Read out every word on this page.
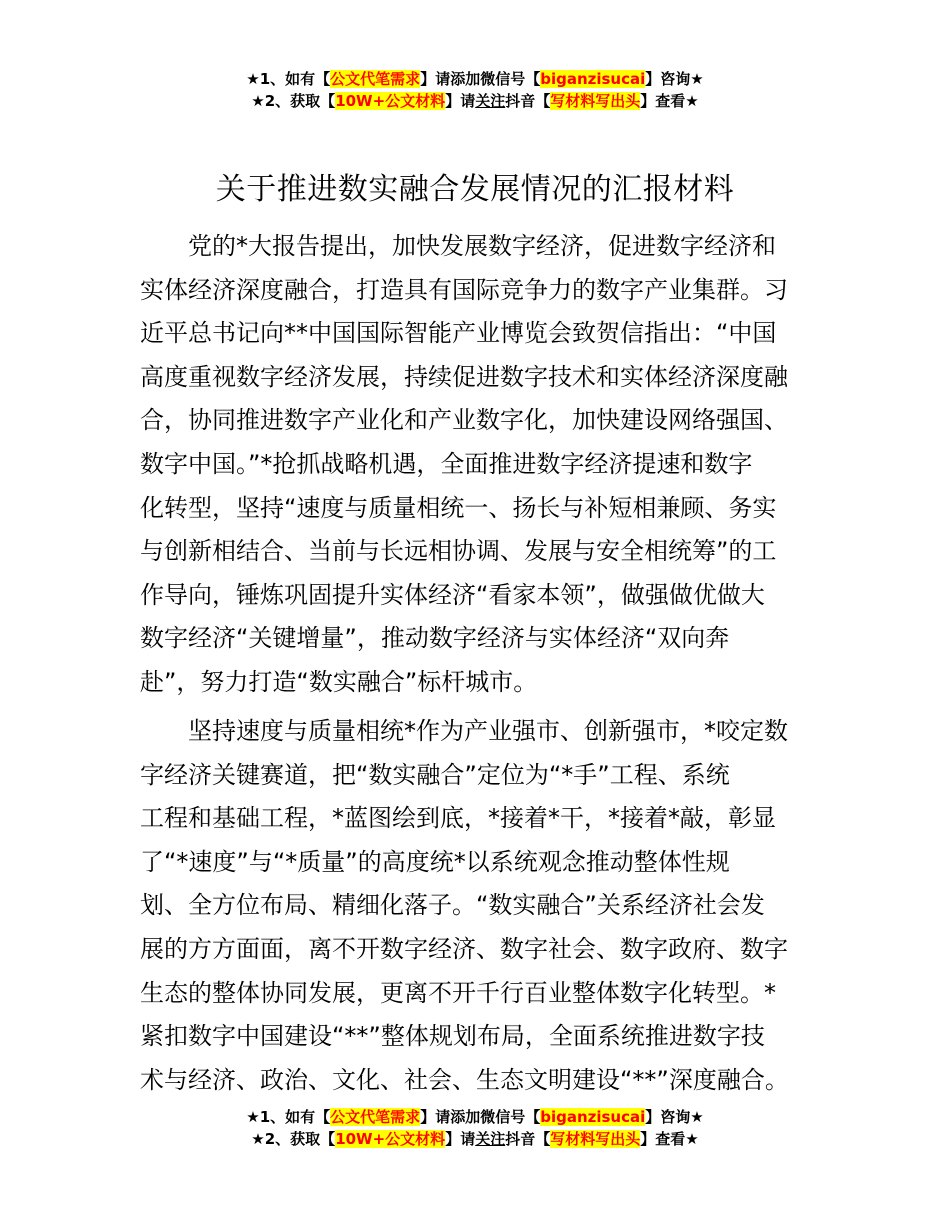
★1、如有【公文代笔需求】请添加微信号【biganzisucai】咨询★
★2、获取【10W+公文材料】请关注抖音【写材料写出头】查看★
关于推进数实融合发展情况的汇报材料
党的*大报告提出，加快发展数字经济，促进数字经济和
实体经济深度融合，打造具有国际竞争力的数字产业集群。习
近平总书记向**中国国际智能产业博览会致贺信指出：“中国
高度重视数字经济发展，持续促进数字技术和实体经济深度融
合，协同推进数字产业化和产业数字化，加快建设网络强国、
数字中国。”*抢抓战略机遇，全面推进数字经济提速和数字
化转型，坚持“速度与质量相统一、扬长与补短相兼顾、务实
与创新相结合、当前与长远相协调、发展与安全相统筹”的工
作导向，锤炼巩固提升实体经济“看家本领”，做强做优做大
数字经济“关键增量”，推动数字经济与实体经济“双向奔
赴”，努力打造“数实融合”标杆城市。
坚持速度与质量相统*作为产业强市、创新强市，*咬定数
字经济关键赛道，把“数实融合”定位为“*手”工程、系统
工程和基础工程，*蓝图绘到底，*接着*干，*接着*敲，彰显
了“*速度”与“*质量”的高度统*以系统观念推动整体性规
划、全方位布局、精细化落子。“数实融合”关系经济社会发
展的方方面面，离不开数字经济、数字社会、数字政府、数字
生态的整体协同发展，更离不开千行百业整体数字化转型。*
紧扣数字中国建设“**”整体规划布局，全面系统推进数字技
术与经济、政治、文化、社会、生态文明建设“**”深度融合。
★1、如有【公文代笔需求】请添加微信号【biganzisucai】咨询★
★2、获取【10W+公文材料】请关注抖音【写材料写出头】查看★
